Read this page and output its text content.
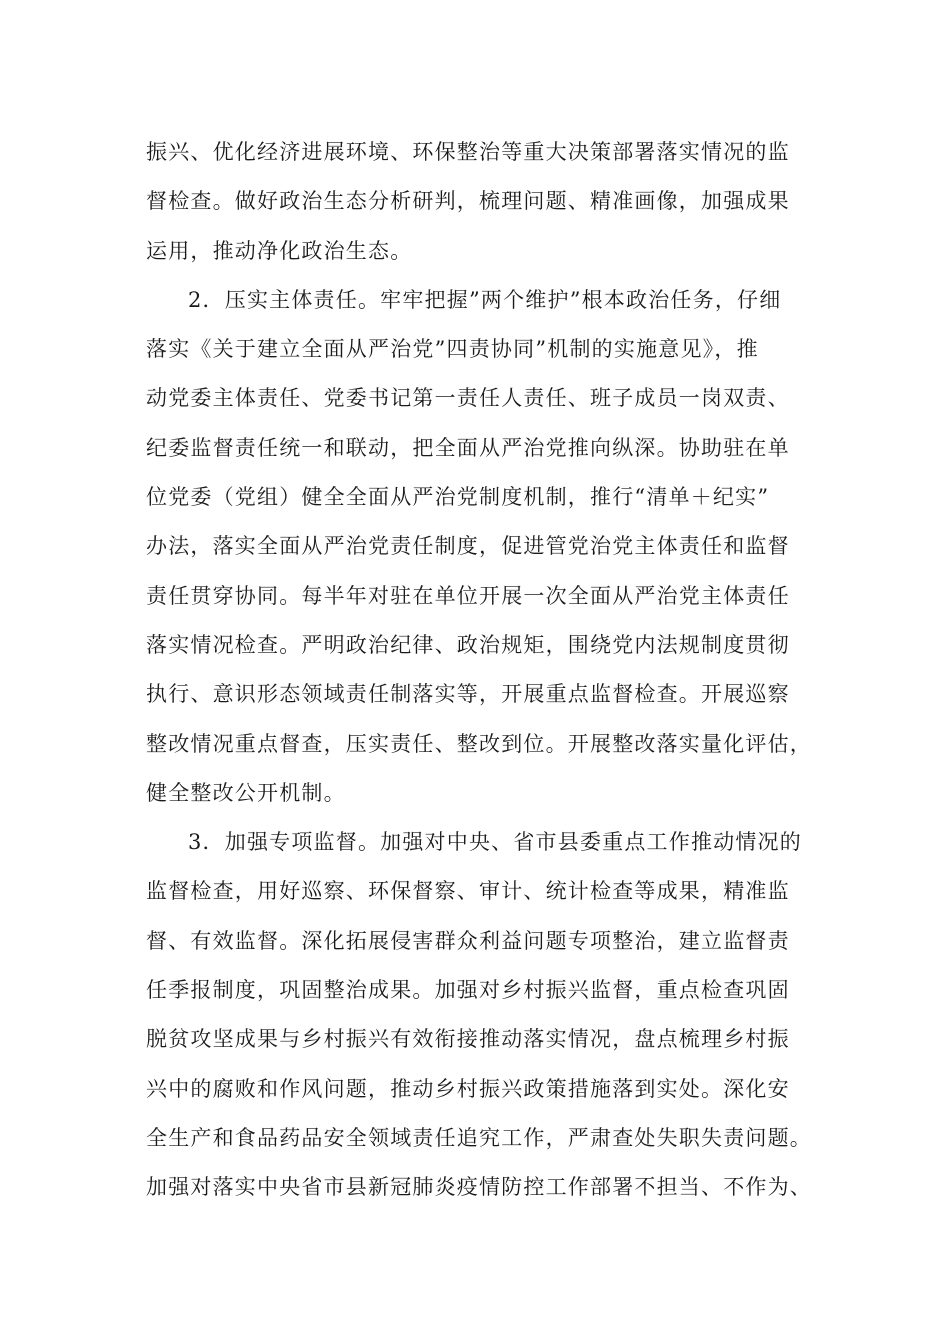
振兴、优化经济进展环境、环保整治等重大决策部署落实情况的监
督检查。做好政治生态分析研判，梳理问题、精准画像，加强成果
运用，推动净化政治生态。
2．压实主体责任。牢牢把握”两个维护”根本政治任务，仔细
落实《关于建立全面从严治党”四责协同”机制的实施意见》，推
动党委主体责任、党委书记第一责任人责任、班子成员一岗双责、
纪委监督责任统一和联动，把全面从严治党推向纵深。协助驻在单
位党委（党组）健全全面从严治党制度机制，推行“清单＋纪实”
办法，落实全面从严治党责任制度，促进管党治党主体责任和监督
责任贯穿协同。每半年对驻在单位开展一次全面从严治党主体责任
落实情况检查。严明政治纪律、政治规矩，围绕党内法规制度贯彻
执行、意识形态领域责任制落实等，开展重点监督检查。开展巡察
整改情况重点督查，压实责任、整改到位。开展整改落实量化评估，
健全整改公开机制。
3．加强专项监督。加强对中央、省市县委重点工作推动情况的
监督检查，用好巡察、环保督察、审计、统计检查等成果，精准监
督、有效监督。深化拓展侵害群众利益问题专项整治，建立监督责
任季报制度，巩固整治成果。加强对乡村振兴监督，重点检查巩固
脱贫攻坚成果与乡村振兴有效衔接推动落实情况，盘点梳理乡村振
兴中的腐败和作风问题，推动乡村振兴政策措施落到实处。深化安
全生产和食品药品安全领域责任追究工作，严肃查处失职失责问题。
加强对落实中央省市县新冠肺炎疫情防控工作部署不担当、不作为、
